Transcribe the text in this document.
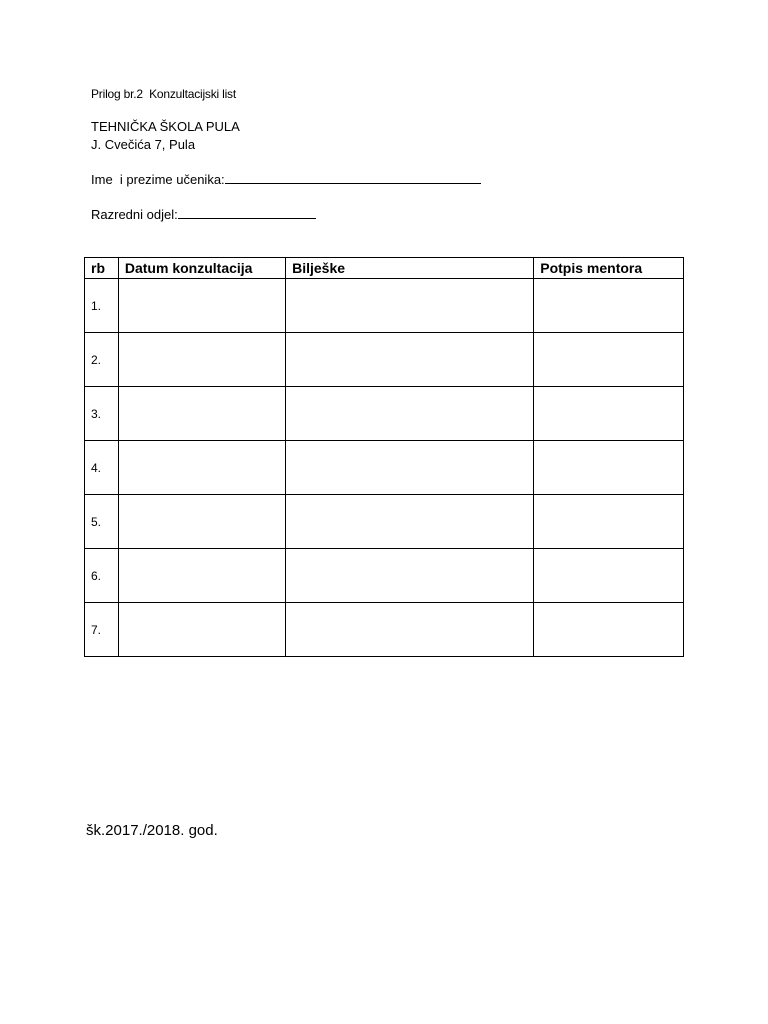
Prilog br.2  Konzultacijski list
TEHNIČKA ŠKOLA PULA
J. Cvečića 7, Pula
Ime  i prezime učenika:
Razredni odjel:
rb	Datum konzultacija	Bilješke	Potpis mentora
1.			
2.			
3.			
4.			
5.			
6.			
7.			
šk.2017./2018. god.
